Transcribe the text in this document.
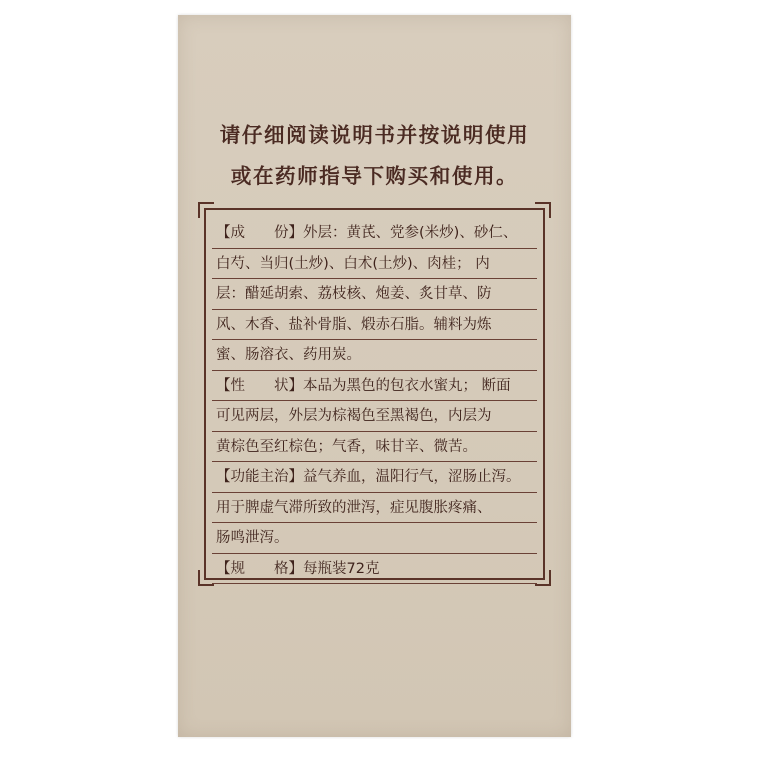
请仔细阅读说明书并按说明使用
或在药师指导下购买和使用。
【成　　份】外层：黄芪、党参(米炒)、砂仁、
白芍、当归(土炒)、白术(土炒)、肉桂； 内
层：醋延胡索、荔枝核、炮姜、炙甘草、防
风、木香、盐补骨脂、煅赤石脂。辅料为炼
蜜、肠溶衣、药用炭。
【性　　状】本品为黑色的包衣水蜜丸； 断面
可见两层，外层为棕褐色至黑褐色，内层为
黄棕色至红棕色；气香，味甘辛、微苦。
【功能主治】益气养血，温阳行气，涩肠止泻。
用于脾虚气滞所致的泄泻，症见腹胀疼痛、
肠鸣泄泻。
【规　　格】每瓶装72克
